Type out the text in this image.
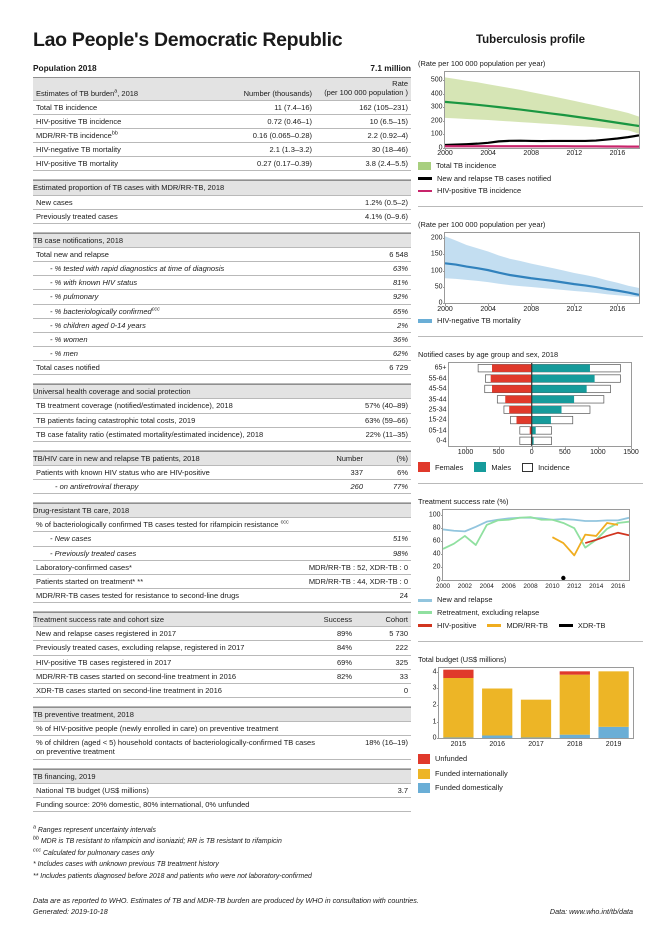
Lao People's Democratic Republic
Population 2018	7.1 million
Estimates of TB burden$^a$, 2018	Number (thousands)	Rate
(per 100 000 population )

Total TB incidence	11 (7.4–16)	162 (105–231)
HIV-positive TB incidence	0.72 (0.46–1)	10 (6.5–15)
MDR/RR-TB incidence$^{bb}$	0.16 (0.065–0.28)	2.2 (0.92–4)
HIV-negative TB mortality	2.1 (1.3–3.2)	30 (18–46)
HIV-positive TB mortality	0.27 (0.17–0.39)	3.8 (2.4–5.5)

Estimated proportion of TB cases with MDR/RR-TB, 2018	
New cases	1.2% (0.5–2)
Previously treated cases	4.1% (0–9.6)

TB case notifications, 2018	
Total new and relapse	6 548
- % tested with rapid diagnostics at time of diagnosis	63%
- % with known HIV status	81%
- % pulmonary	92%
- % bacteriologically confirmed$^{ccc}$	65%
- % children aged 0-14 years	2%
- % women	36%
- % men	62%
Total cases notified	6 729

Universal health coverage and social protection	
TB treatment coverage (notified/estimated incidence), 2018	57% (40–89)
TB patients facing catastrophic total costs, 2019	63% (59–66)
TB case fatality ratio (estimated mortality/estimated incidence), 2018	22% (11–35)

TB/HIV care in new and relapse TB patients, 2018	Number	(%)
Patients with known HIV status who are HIV-positive	337	6%
- on antiretroviral therapy	260	77%

Drug-resistant TB care, 2018	
% of bacteriologically confirmed TB cases tested for rifampicin resistance $^{ccc}$
- New cases	51%
- Previously treated cases	98%
Laboratory-confirmed cases*	MDR/RR-TB : 52, XDR-TB : 0
Patients started on treatment* **	MDR/RR-TB : 44, XDR-TB : 0
MDR/RR-TB cases tested for resistance to second-line drugs	24

Treatment success rate and cohort size	Success	Cohort
New and relapse cases registered in 2017	89%	5 730
Previously treated cases, excluding relapse, registered in 2017	84%	222
HIV-positive TB cases registered in 2017	69%	325
MDR/RR-TB cases started on second-line treatment in 2016	82%	33
XDR-TB cases started on second-line treatment in 2016		0

TB preventive treatment, 2018	
% of HIV-positive people (newly enrolled in care) on preventive treatment	
% of children (aged < 5) household contacts of bacteriologically-confirmed TB cases on preventive treatment	18% (16–19)

TB financing, 2019
National TB budget (US$ millions)	3.7
Funding source: 20% domestic, 80% international, 0% unfunded
$^a$ Ranges represent uncertainty intervals
$^{bb}$ MDR is TB resistant to rifampicin and isoniazid; RR is TB resistant to rifampicin
$^{ccc}$ Calculated for pulmonary cases only
* Includes cases with unknown previous TB treatment history
** Includes patients diagnosed before 2018 and patients who were not laboratory-confirmed
Tuberculosis profile
(Rate per 100 000 population per year)
0
100
200
300
400
500
2000	2004	2008	2012	2016
Total TB incidence
New and relapse TB cases notified
HIV-positive TB incidence
(Rate per 100 000 population per year)
0
50
100
150
200
2000	2004	2008	2012	2016
HIV-negative TB mortality
Notified cases by age group and sex, 2018
65+
55-64
45-54
35-44
25-34
15-24
05-14
0-4
1000	500	0	500	1000	1500
Females	Males	Incidence
Treatment success rate (%)
0
20
40
60
80
100
2000 2002 2004 2006 2008 2010 2012 2014 2016
New and relapse
Retreatment, excluding relapse
HIV-positive	MDR/RR-TB	XDR-TB
Total budget (US$ millions)
2015	2016	2017	2018	2019
0
1
2
3
4
Unfunded
Funded internationally
Funded domestically
Data are as reported to WHO. Estimates of TB and MDR-TB burden are produced by WHO in consultation with countries.
Generated: 2019-10-18	Data: www.who.int/tb/data
